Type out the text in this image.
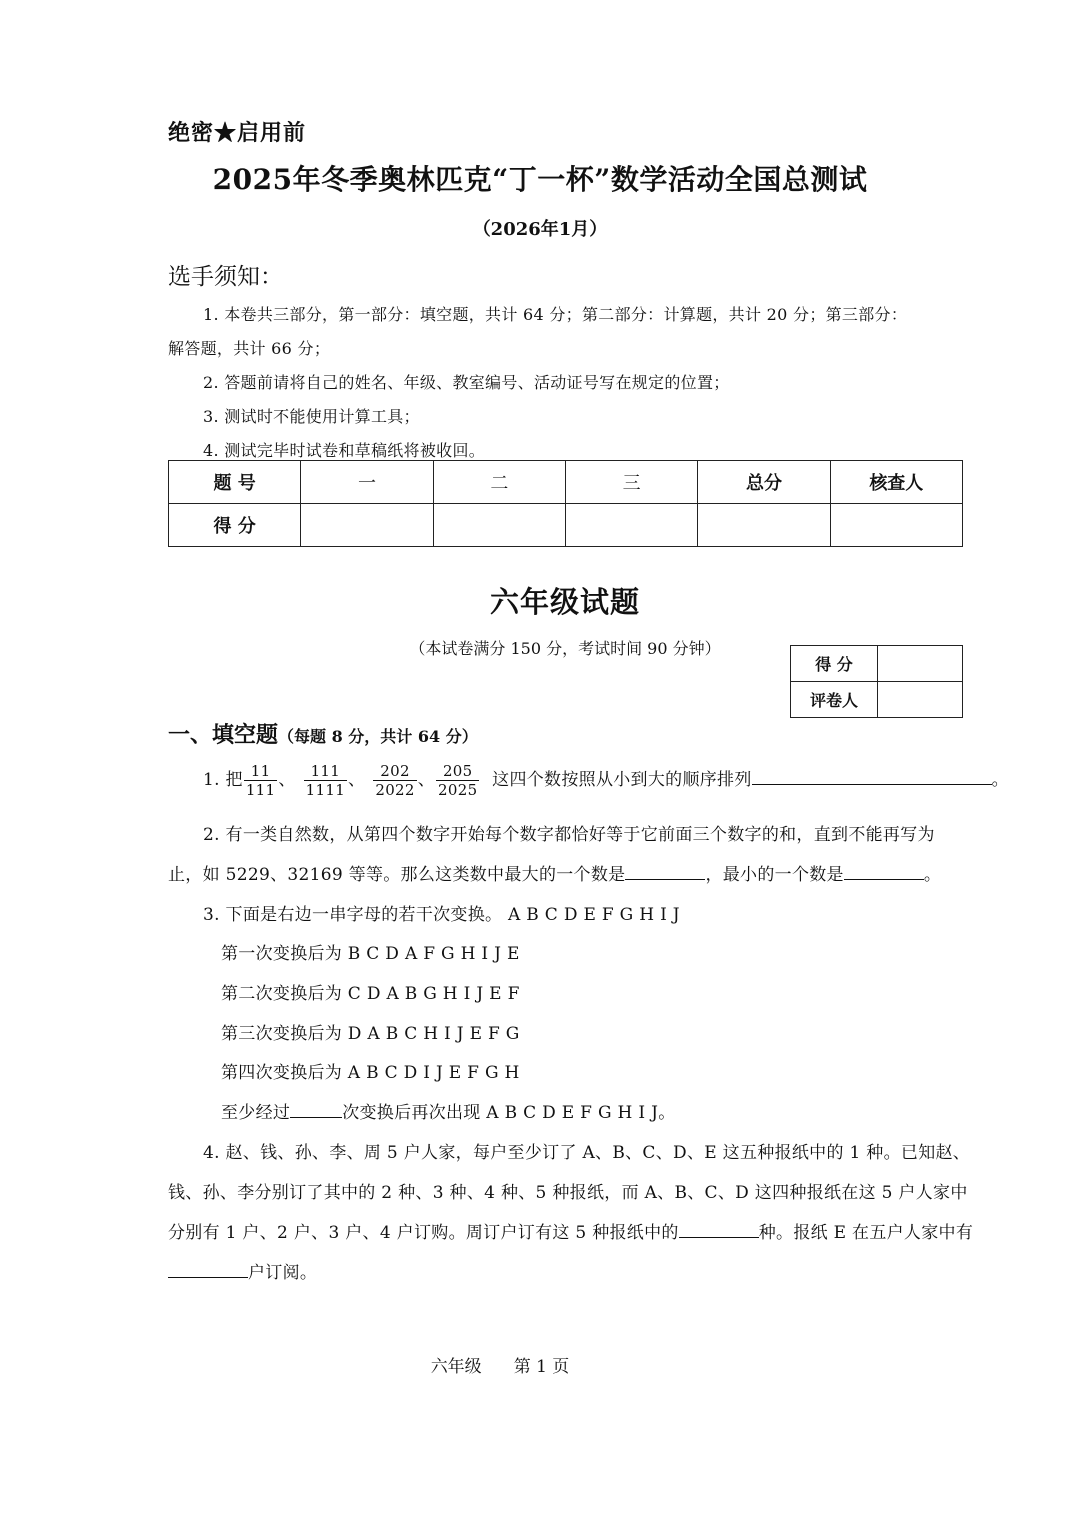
绝密★启用前
2025年冬季奥林匹克“丁一杯”数学活动全国总测试
（2026年1月）
选手须知：
1. 本卷共三部分，第一部分：填空题，共计 64 分；第二部分：计算题，共计 20 分；第三部分：
解答题，共计 66 分；
2. 答题前请将自己的姓名、年级、教室编号、活动证号写在规定的位置；
3. 测试时不能使用计算工具；
4. 测试完毕时试卷和草稿纸将被收回。
题 号	一	二	三	总分	核查人
得 分					
六年级试题
（本试卷满分 150 分，考试时间 90 分钟）
得 分	
评卷人	
一、填空题（每题 8 分，共计 64 分）
1. 把 $\frac{11}{111}$ 、 $\frac{111}{1111}$ 、 $\frac{202}{2022}$ 、 $\frac{205}{2025}$ 这四个数按照从小到大的顺序排列	。
2. 有一类自然数，从第四个数字开始每个数字都恰好等于它前面三个数字的和，直到不能再写为
止，如 5229、32169 等等。那么这类数中最大的一个数是	，最小的一个数是	。
3. 下面是右边一串字母的若干次变换。 A B C D E F G H I J
第一次变换后为 B C D A F G H I J E
第二次变换后为 C D A B G H I J E F
第三次变换后为 D A B C H I J E F G
第四次变换后为 A B C D I J E F G H
至少经过	次变换后再次出现 A B C D E F G H I J。
4. 赵、钱、孙、李、周 5 户人家，每户至少订了 A、B、C、D、E 这五种报纸中的 1 种。已知赵、
钱、孙、李分别订了其中的 2 种、3 种、4 种、5 种报纸，而 A、B、C、D 这四种报纸在这 5 户人家中
分别有 1 户、2 户、3 户、4 户订购。周订户订有这 5 种报纸中的	种。报纸 E 在五户人家中有
户订阅。
六年级 第 1 页
